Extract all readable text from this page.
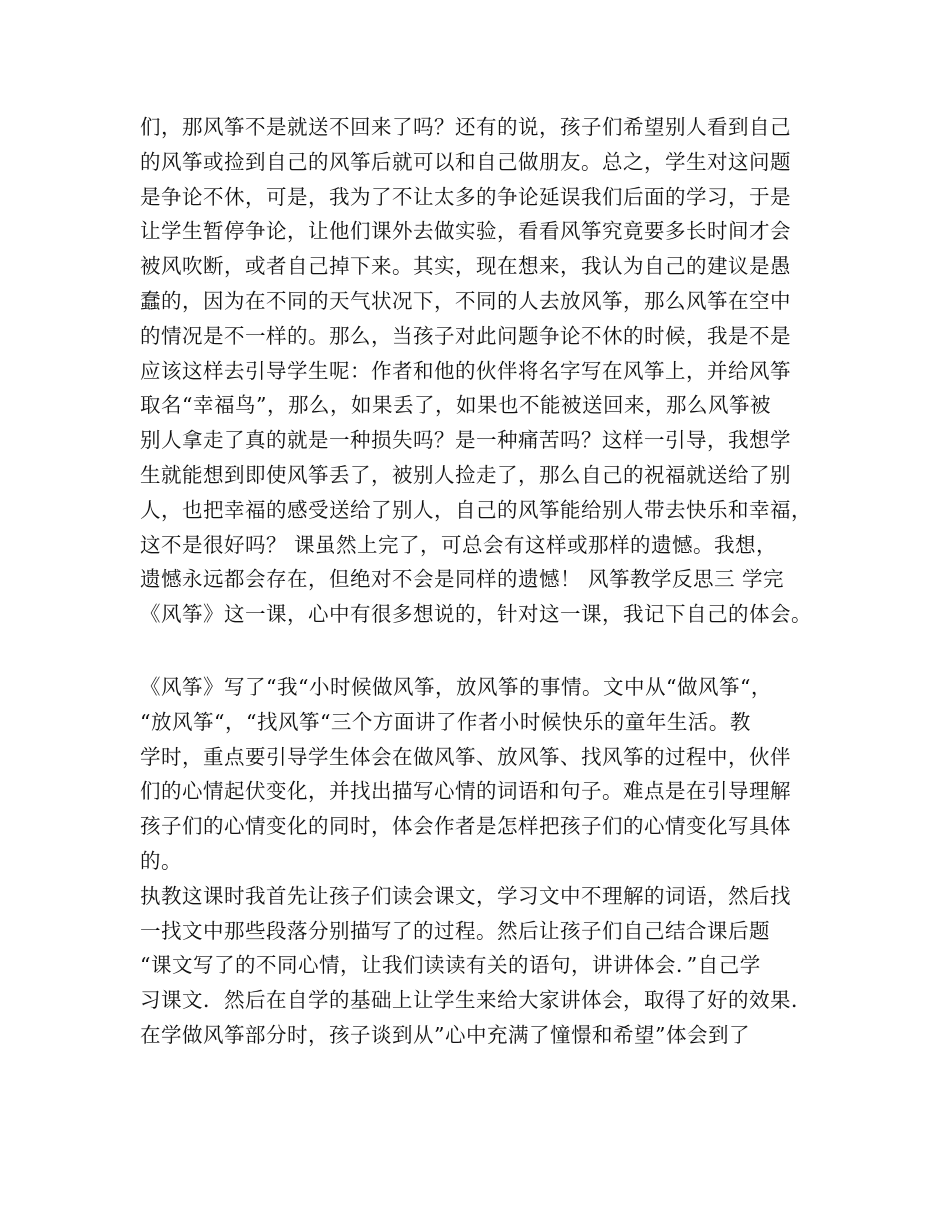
们，那风筝不是就送不回来了吗？还有的说，孩子们希望别人看到自己
的风筝或捡到自己的风筝后就可以和自己做朋友。总之，学生对这问题
是争论不休，可是，我为了不让太多的争论延误我们后面的学习，于是
让学生暂停争论，让他们课外去做实验，看看风筝究竟要多长时间才会
被风吹断，或者自己掉下来。其实，现在想来，我认为自己的建议是愚
蠢的，因为在不同的天气状况下，不同的人去放风筝，那么风筝在空中
的情况是不一样的。那么，当孩子对此问题争论不休的时候，我是不是
应该这样去引导学生呢：作者和他的伙伴将名字写在风筝上，并给风筝
取名“幸福鸟”，那么，如果丢了，如果也不能被送回来，那么风筝被
别人拿走了真的就是一种损失吗？是一种痛苦吗？这样一引导，我想学
生就能想到即使风筝丢了，被别人捡走了，那么自己的祝福就送给了别
人，也把幸福的感受送给了别人，自己的风筝能给别人带去快乐和幸福，
这不是很好吗？ 课虽然上完了，可总会有这样或那样的遗憾。我想，
遗憾永远都会存在，但绝对不会是同样的遗憾！ 风筝教学反思三 学完
《风筝》这一课，心中有很多想说的，针对这一课，我记下自己的体会。
《风筝》写了“我“小时候做风筝，放风筝的事情。文中从“做风筝“，
“放风筝“，“找风筝“三个方面讲了作者小时候快乐的童年生活。教
学时，重点要引导学生体会在做风筝、放风筝、找风筝的过程中，伙伴
们的心情起伏变化，并找出描写心情的词语和句子。难点是在引导理解
孩子们的心情变化的同时，体会作者是怎样把孩子们的心情变化写具体
的。
执教这课时我首先让孩子们读会课文，学习文中不理解的词语，然后找
一找文中那些段落分别描写了的过程。然后让孩子们自己结合课后题
“课文写了的不同心情，让我们读读有关的语句，讲讲体会．”自己学
习课文．然后在自学的基础上让学生来给大家讲体会，取得了好的效果．
在学做风筝部分时，孩子谈到从”心中充满了憧憬和希望”体会到了
